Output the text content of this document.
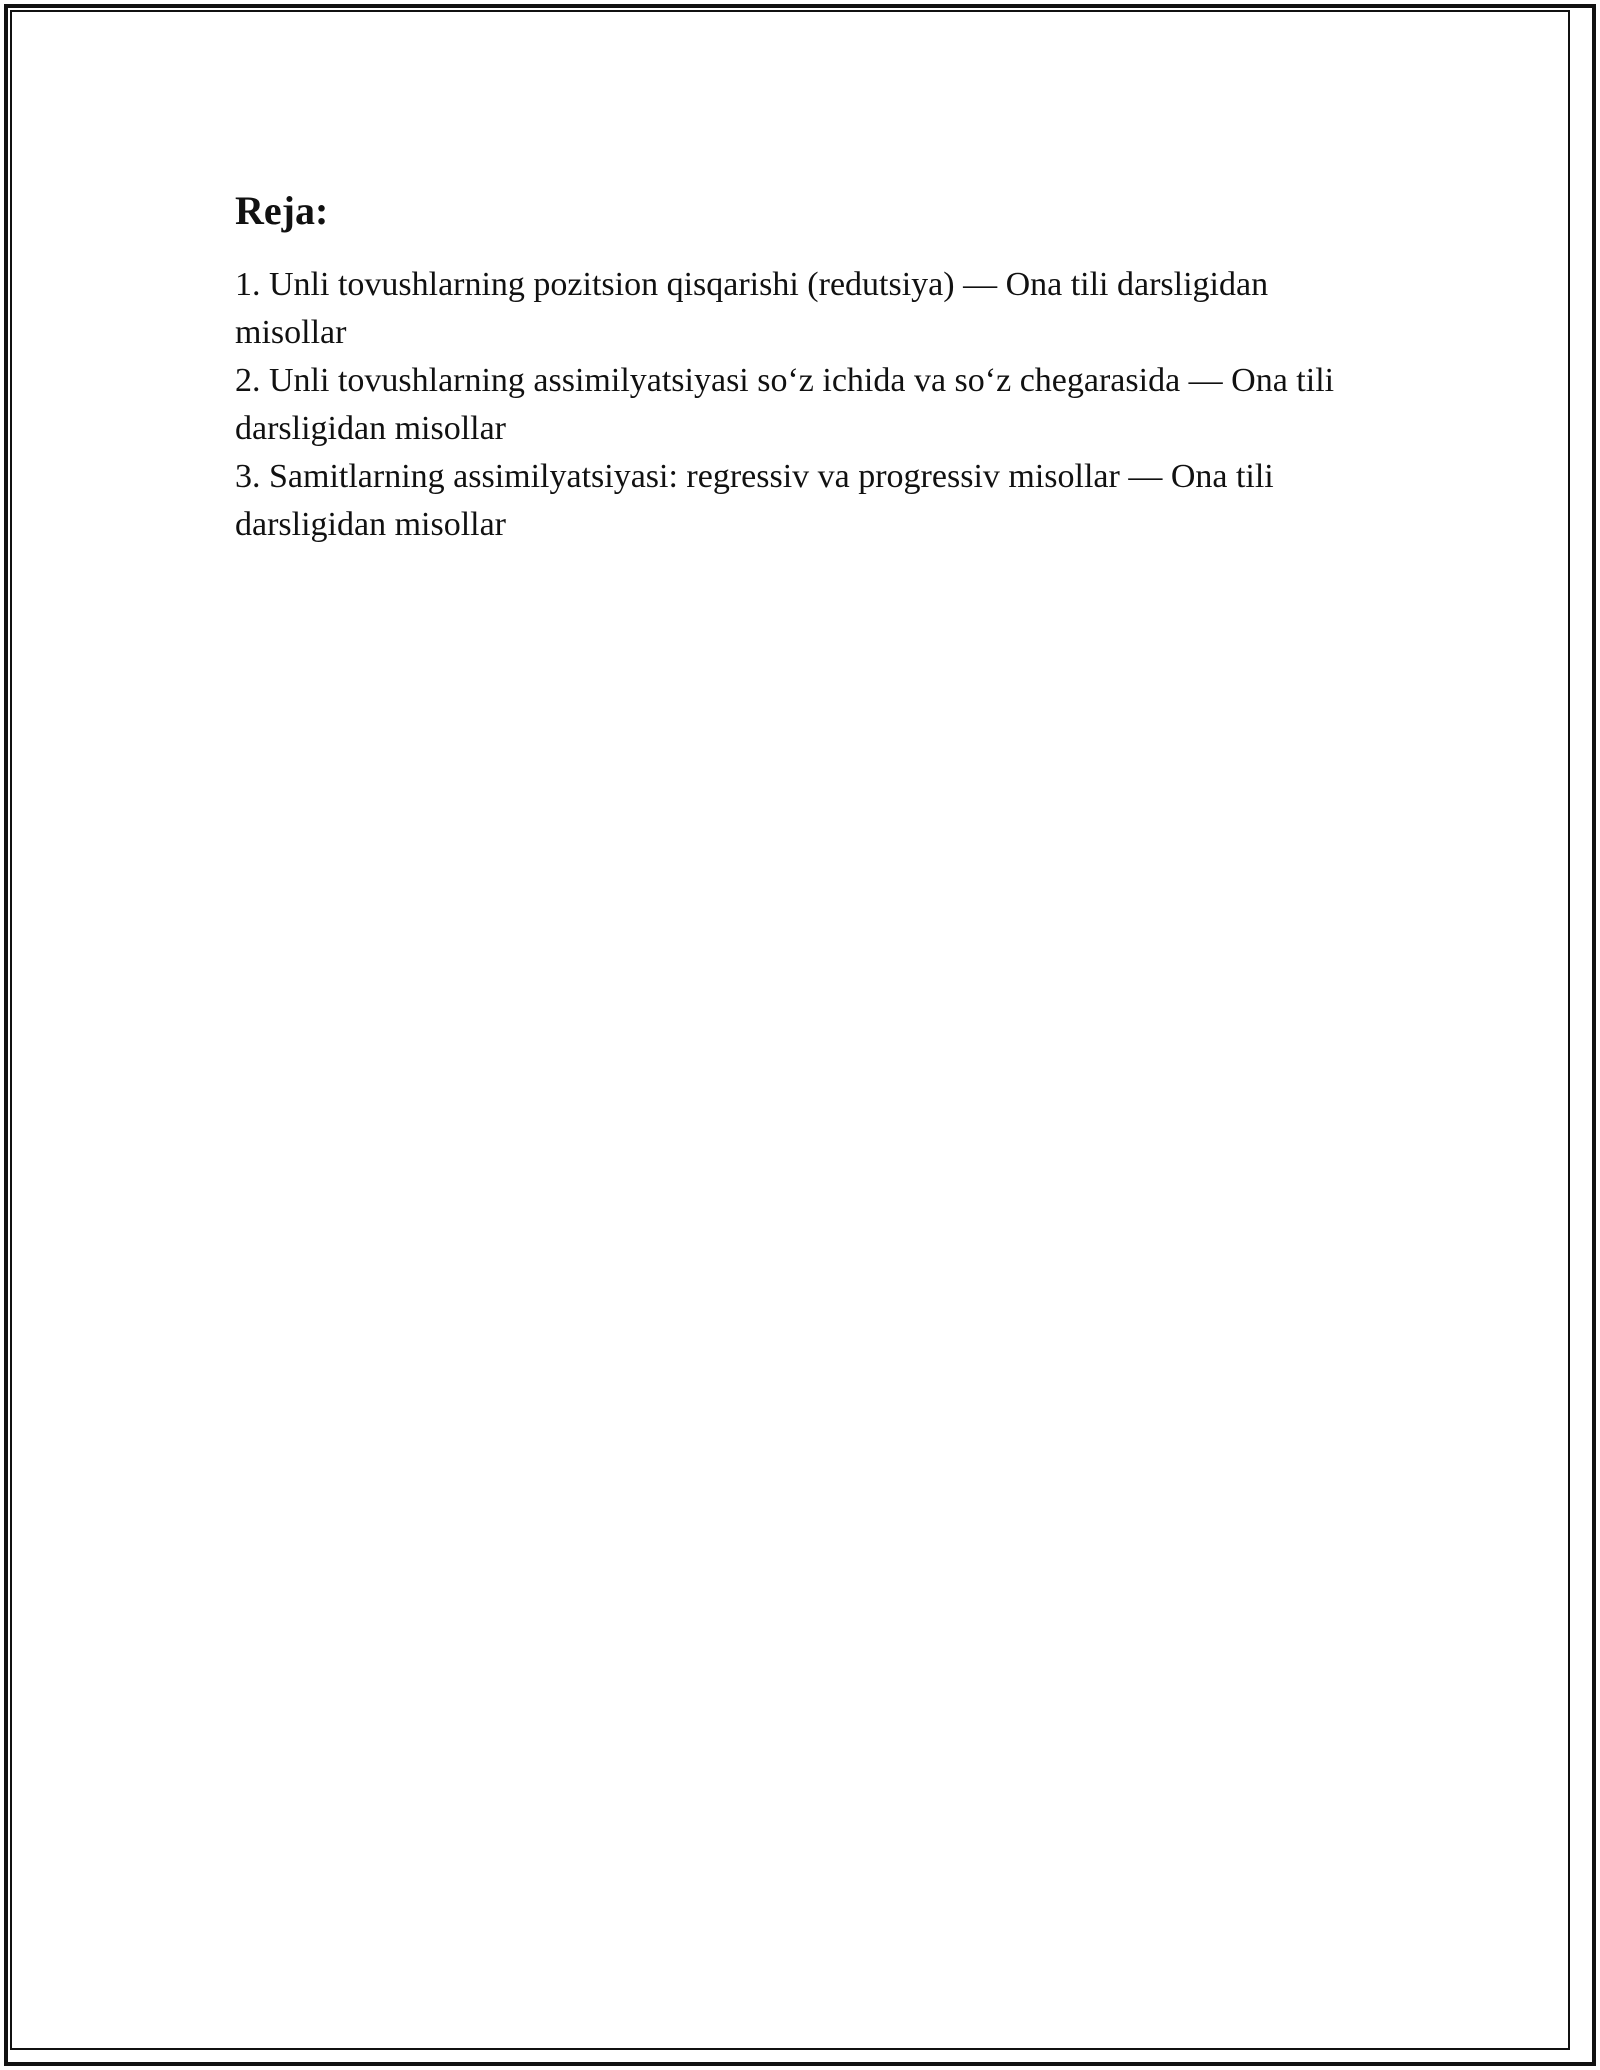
Reja:

1. Unli tovushlarning pozitsion qisqarishi (redutsiya) — Ona tili darsligidan misollar

2. Unli tovushlarning assimilyatsiyasi so‘z ichida va so‘z chegarasida — Ona tili darsligidan misollar

3. Samitlarning assimilyatsiyasi: regressiv va progressiv misollar — Ona tili darsligidan misollar
